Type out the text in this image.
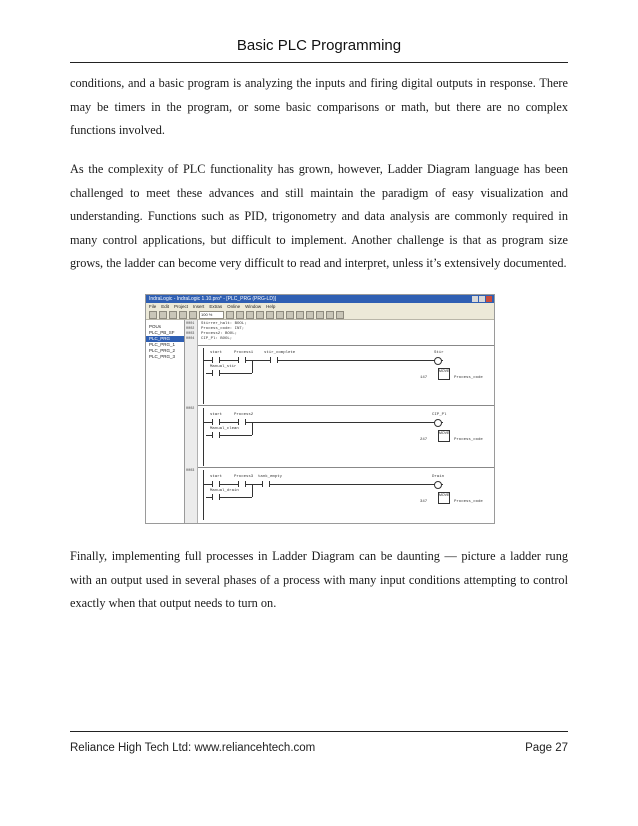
Basic PLC Programming

conditions, and a basic program is analyzing the inputs and firing digital outputs in response. There may be timers in the program, or some basic comparisons or math, but there are no complex functions involved.

As the complexity of PLC functionality has grown, however, Ladder Diagram language has been challenged to meet these advances and still maintain the paradigm of easy visualization and understanding. Functions such as PID, trigonometry and data analysis are commonly required in many control applications, but difficult to implement. Another challenge is that as program size grows, the ladder can become very difficult to read and interpret, unless it’s extensively documented.

IndraLogic - IndraLogic 1.10.pro* - [PLC_PRG (PRG-LD)]
File Edit Project Insert Extras Online Window Help
100 %
POUs
PLC_PB_SF
PLC_PRG
PLC_PRG_1
PLC_PRG_2
PLC_PRG_3
0001
0002
0003
0004
0002
0003
Stirrer_halt: BOOL;
Process_code: INT;
Process2: BOOL;
CIP_Pl: BOOL;
start	Process1	stir_complete
Manual_stir
Stir
MOVE
147	Process_code
start	Process2
Manual_clean
CIP_Pl
MOVE
247	Process_code
start	Process3 tank_empty
Manual_drain
Drain
MOVE
347	Process_code

Finally, implementing full processes in Ladder Diagram can be daunting — picture a ladder rung with an output used in several phases of a process with many input conditions attempting to control exactly when that output needs to turn on.

Reliance High Tech Ltd: www.reliancehtech.com	Page 27
